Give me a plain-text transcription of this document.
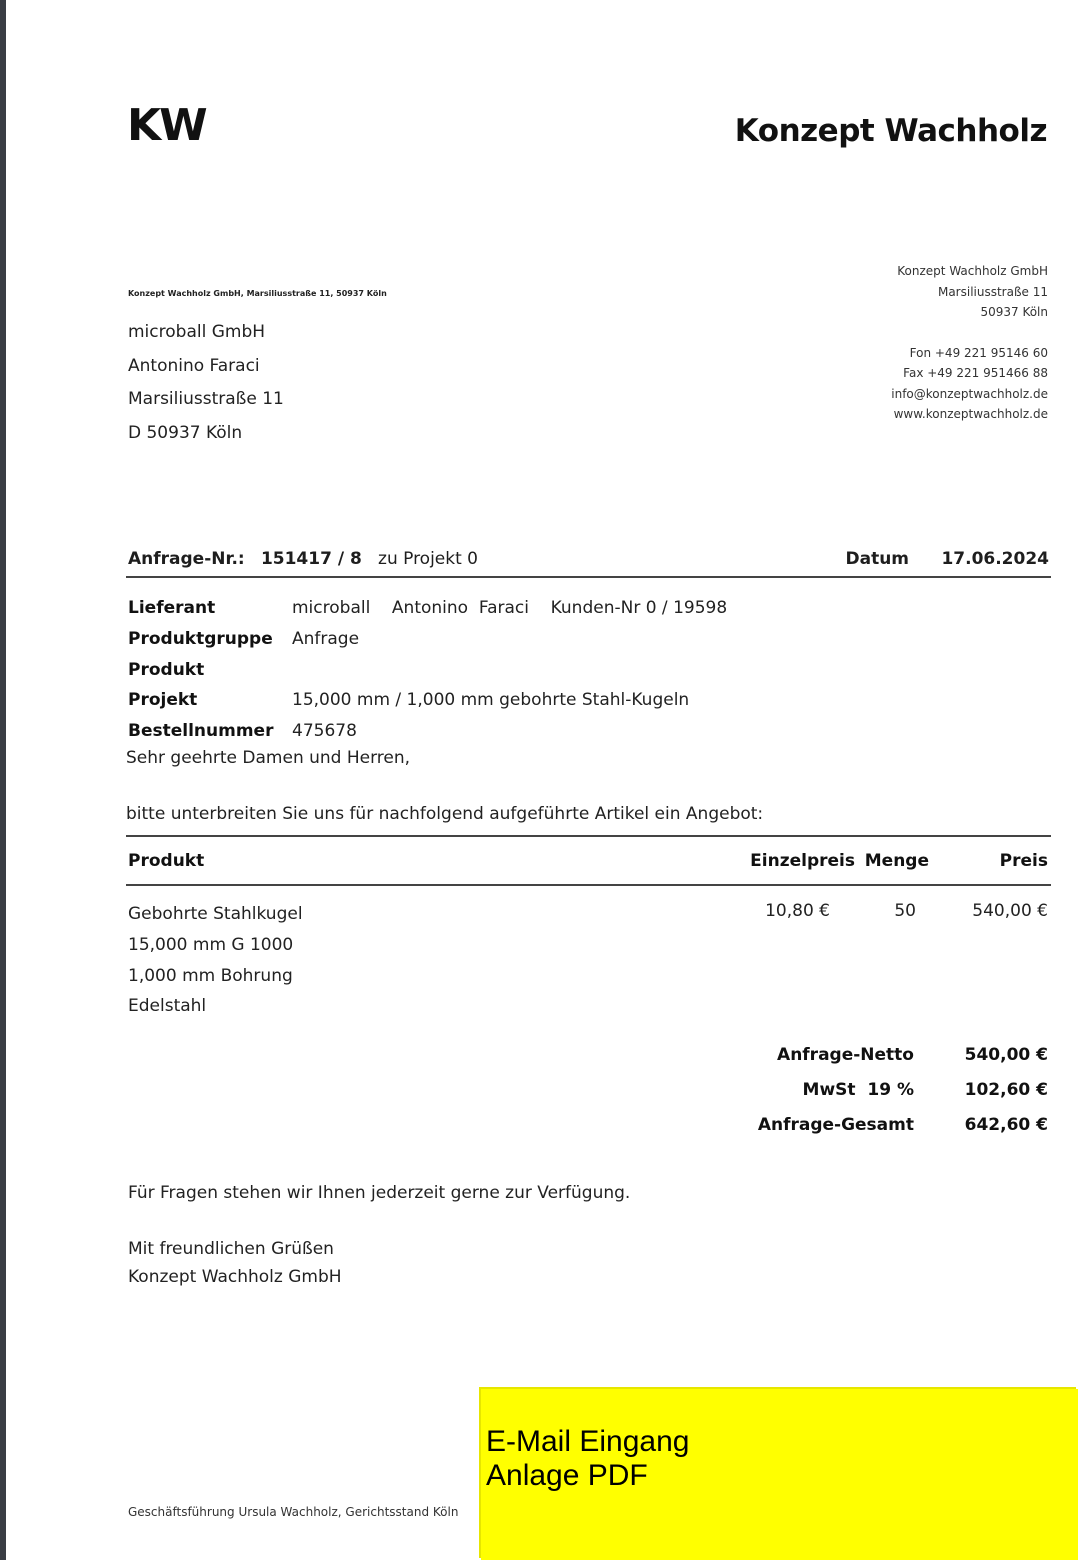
KW	Konzept Wachholz
Konzept Wachholz GmbH, Marsiliusstraße 11, 50937 Köln
microball GmbH
Antonino Faraci
Marsiliusstraße 11
D 50937 Köln
Konzept Wachholz GmbH
Marsiliusstraße 11
50937 Köln
Fon +49 221 95146 60
Fax +49 221 951466 88
info@konzeptwachholz.de
www.konzeptwachholz.de
Anfrage-Nr.: 151417 / 8 zu Projekt 0	Datum 17.06.2024
Lieferant	microball    Antonino  Faraci    Kunden-Nr 0 / 19598
Produktgruppe Anfrage
Produkt
Projekt	15,000 mm / 1,000 mm gebohrte Stahl-Kugeln
Bestellnummer 475678
Sehr geehrte Damen und Herren,
bitte unterbreiten Sie uns für nachfolgend aufgeführte Artikel ein Angebot:
Produkt	Einzelpreis Menge	Preis
Gebohrte Stahlkugel
15,000 mm G 1000
1,000 mm Bohrung
Edelstahl
10,80 €	50	540,00 €
Anfrage-Netto	540,00 €
MwSt  19 %	102,60 €
Anfrage-Gesamt	642,60 €
Für Fragen stehen wir Ihnen jederzeit gerne zur Verfügung.
Mit freundlichen Grüßen
Konzept Wachholz GmbH
Geschäftsführung Ursula Wachholz, Gerichtsstand Köln
E-Mail Eingang
Anlage PDF
